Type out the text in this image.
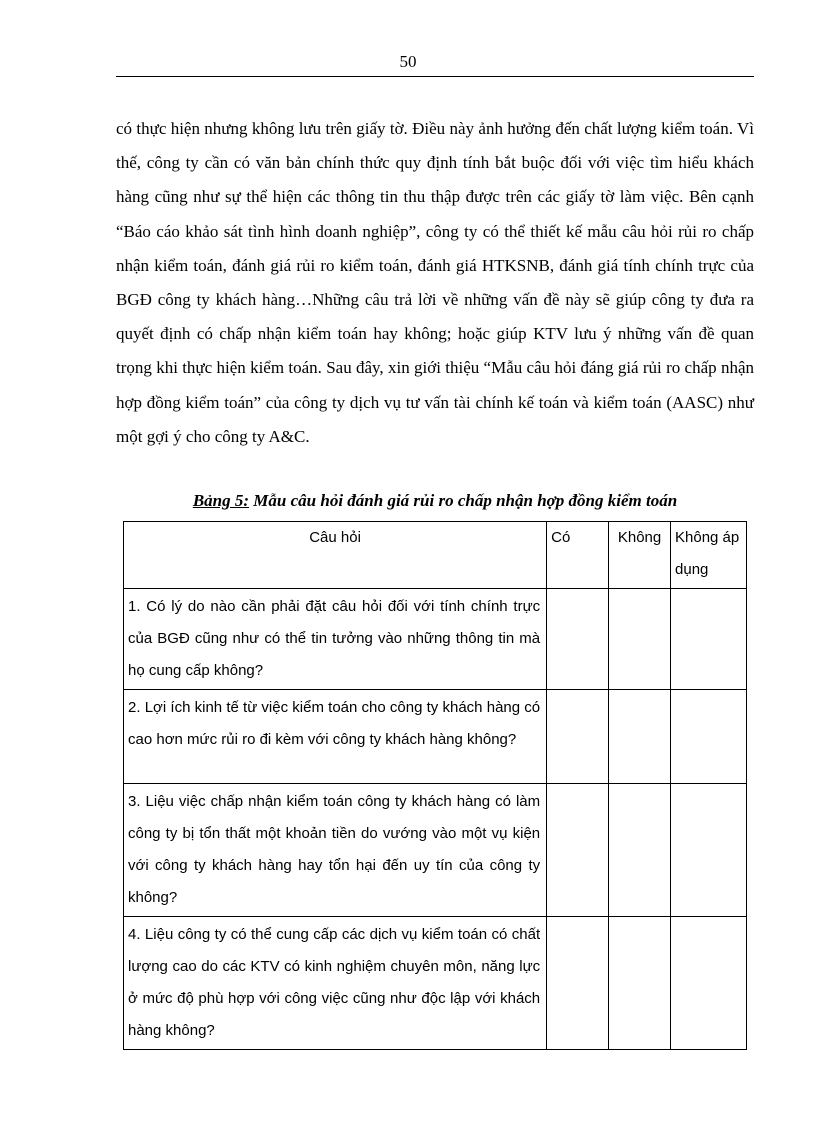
50

có thực hiện nhưng không lưu trên giấy tờ. Điều này ảnh hưởng đến chất lượng kiểm toán. Vì thế, công ty cần có văn bản chính thức quy định tính bắt buộc đối với việc tìm hiểu khách hàng cũng như sự thể hiện các thông tin thu thập được trên các giấy tờ làm việc. Bên cạnh “Báo cáo khảo sát tình hình doanh nghiệp”, công ty có thể thiết kế mẫu câu hỏi rủi ro chấp nhận kiểm toán, đánh giá rủi ro kiểm toán, đánh giá HTKSNB, đánh giá tính chính trực của BGĐ công ty khách hàng…Những câu trả lời về những vấn đề này sẽ giúp công ty đưa ra quyết định có chấp nhận kiểm toán hay không; hoặc giúp KTV lưu ý những vấn đề quan trọng khi thực hiện kiểm toán. Sau đây, xin giới thiệu “Mẫu câu hỏi đáng giá rủi ro chấp nhận hợp đồng kiểm toán” của công ty dịch vụ tư vấn tài chính kế toán và kiểm toán (AASC) như một gợi ý cho công ty A&C.

Bảng 5: Mẫu câu hỏi đánh giá rủi ro chấp nhận hợp đồng kiểm toán
Câu hỏi	Có	Không	Không áp dụng
1. Có lý do nào cần phải đặt câu hỏi đối với tính chính trực của BGĐ cũng như có thể tin tưởng vào những thông tin mà họ cung cấp không?			
2. Lợi ích kinh tế từ việc kiểm toán cho công ty khách hàng có cao hơn mức rủi ro đi kèm với công ty khách hàng không?			
3. Liệu việc chấp nhận kiểm toán công ty khách hàng có làm công ty bị tổn thất một khoản tiền do vướng vào một vụ kiện với công ty khách hàng hay tổn hại đến uy tín của công ty không?			
4. Liệu công ty có thể cung cấp các dịch vụ kiểm toán có chất lượng cao do các KTV có kinh nghiệm chuyên môn, năng lực ở mức độ phù hợp với công việc cũng như độc lập với khách hàng không?			
